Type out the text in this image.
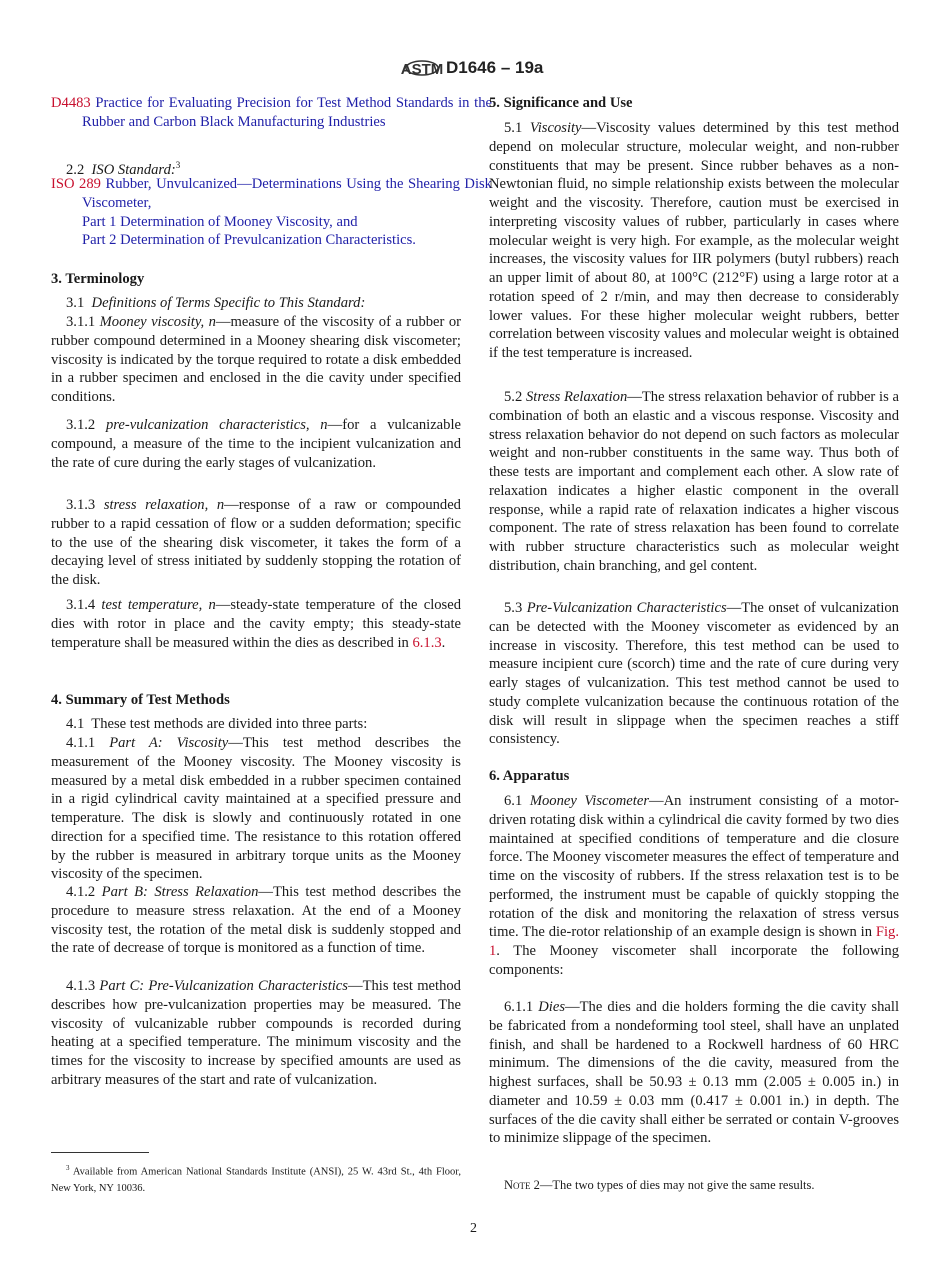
ASTM D1646 – 19a

D4483 Practice for Evaluating Precision for Test Method Standards in the Rubber and Carbon Black Manufacturing Industries

2.2 ISO Standard:$^3$

ISO 289 Rubber, Unvulcanized—Determinations Using the Shearing Disk Viscometer,
Part 1 Determination of Mooney Viscosity, and
Part 2 Determination of Prevulcanization Characteristics.

3. Terminology

3.1 Definitions of Terms Specific to This Standard:

3.1.1 Mooney viscosity, n—measure of the viscosity of a rubber or rubber compound determined in a Mooney shearing disk viscometer; viscosity is indicated by the torque required to rotate a disk embedded in a rubber specimen and enclosed in the die cavity under specified conditions.

3.1.2 pre-vulcanization characteristics, n—for a vulcanizable compound, a measure of the time to the incipient vulcanization and the rate of cure during the early stages of vulcanization.

3.1.3 stress relaxation, n—response of a raw or compounded rubber to a rapid cessation of flow or a sudden deformation; specific to the use of the shearing disk viscometer, it takes the form of a decaying level of stress initiated by suddenly stopping the rotation of the disk.

3.1.4 test temperature, n—steady-state temperature of the closed dies with rotor in place and the cavity empty; this steady-state temperature shall be measured within the dies as described in 6.1.3.

4. Summary of Test Methods

4.1 These test methods are divided into three parts:

4.1.1 Part A: Viscosity—This test method describes the measurement of the Mooney viscosity. The Mooney viscosity is measured by a metal disk embedded in a rubber specimen contained in a rigid cylindrical cavity maintained at a specified pressure and temperature. The disk is slowly and continuously rotated in one direction for a specified time. The resistance to this rotation offered by the rubber is measured in arbitrary torque units as the Mooney viscosity of the specimen.

4.1.2 Part B: Stress Relaxation—This test method describes the procedure to measure stress relaxation. At the end of a Mooney viscosity test, the rotation of the metal disk is suddenly stopped and the rate of decrease of torque is monitored as a function of time.

4.1.3 Part C: Pre-Vulcanization Characteristics—This test method describes how pre-vulcanization properties may be measured. The viscosity of vulcanizable rubber compounds is recorded during heating at a specified temperature. The minimum viscosity and the times for the viscosity to increase by specified amounts are used as arbitrary measures of the start and rate of vulcanization.

$^3$ Available from American National Standards Institute (ANSI), 25 W. 43rd St., 4th Floor, New York, NY 10036.

5. Significance and Use

5.1 Viscosity—Viscosity values determined by this test method depend on molecular structure, molecular weight, and non-rubber constituents that may be present. Since rubber behaves as a non-Newtonian fluid, no simple relationship exists between the molecular weight and the viscosity. Therefore, caution must be exercised in interpreting viscosity values of rubber, particularly in cases where molecular weight is very high. For example, as the molecular weight increases, the viscosity values for IIR polymers (butyl rubbers) reach an upper limit of about 80, at 100°C (212°F) using a large rotor at a rotation speed of 2 r/min, and may then decrease to considerably lower values. For these higher molecular weight rubbers, better correlation between viscosity values and molecular weight is obtained if the test temperature is increased.

5.2 Stress Relaxation—The stress relaxation behavior of rubber is a combination of both an elastic and a viscous response. Viscosity and stress relaxation behavior do not depend on such factors as molecular weight and non-rubber constituents in the same way. Thus both of these tests are important and complement each other. A slow rate of relaxation indicates a higher elastic component in the overall response, while a rapid rate of relaxation indicates a higher viscous component. The rate of stress relaxation has been found to correlate with rubber structure characteristics such as molecular weight distribution, chain branching, and gel content.

5.3 Pre-Vulcanization Characteristics—The onset of vulcanization can be detected with the Mooney viscometer as evidenced by an increase in viscosity. Therefore, this test method can be used to measure incipient cure (scorch) time and the rate of cure during very early stages of vulcanization. This test method cannot be used to study complete vulcanization because the continuous rotation of the disk will result in slippage when the specimen reaches a stiff consistency.

6. Apparatus

6.1 Mooney Viscometer—An instrument consisting of a motor-driven rotating disk within a cylindrical die cavity formed by two dies maintained at specified conditions of temperature and die closure force. The Mooney viscometer measures the effect of temperature and time on the viscosity of rubbers. If the stress relaxation test is to be performed, the instrument must be capable of quickly stopping the rotation of the disk and monitoring the relaxation of stress versus time. The die-rotor relationship of an example design is shown in Fig. 1. The Mooney viscometer shall incorporate the following components:

6.1.1 Dies—The dies and die holders forming the die cavity shall be fabricated from a nondeforming tool steel, shall have an unplated finish, and shall be hardened to a Rockwell hardness of 60 HRC minimum. The dimensions of the die cavity, measured from the highest surfaces, shall be 50.93 ± 0.13 mm (2.005 ± 0.005 in.) in diameter and 10.59 ± 0.03 mm (0.417 ± 0.001 in.) in depth. The surfaces of the die cavity shall either be serrated or contain V-grooves to minimize slippage of the specimen.

Note 2—The two types of dies may not give the same results.

2
